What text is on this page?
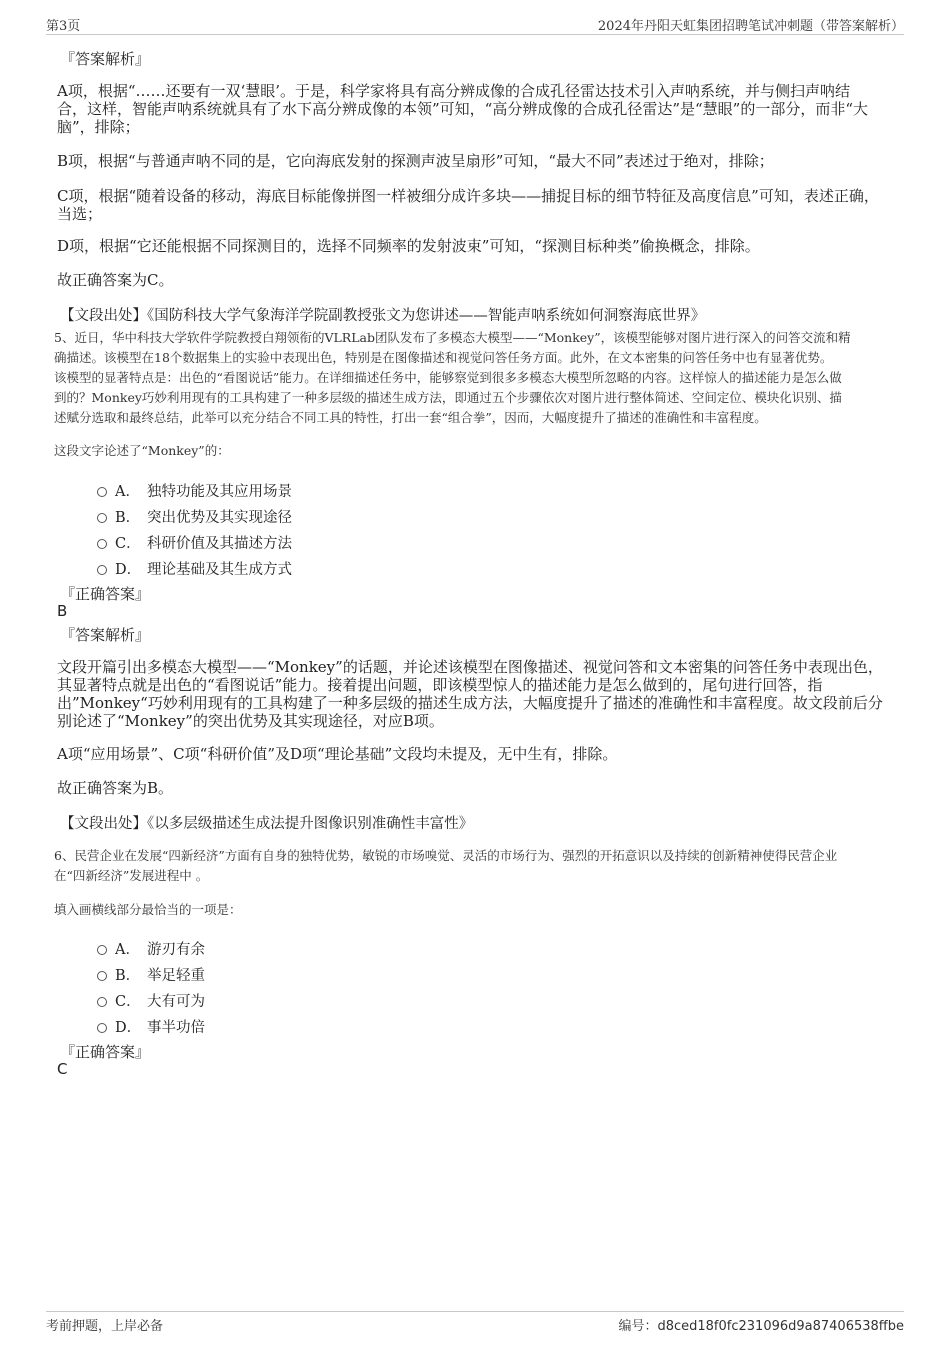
第3页	2024年丹阳天虹集团招聘笔试冲刺题（带答案解析）
『答案解析』
A项，根据“……还要有一双‘慧眼’。于是，科学家将具有高分辨成像的合成孔径雷达技术引入声呐系统，并与侧扫声呐结
合，这样，智能声呐系统就具有了水下高分辨成像的本领”可知，“高分辨成像的合成孔径雷达”是“慧眼”的一部分，而非“大
脑”，排除；
B项，根据“与普通声呐不同的是，它向海底发射的探测声波呈扇形”可知，“最大不同”表述过于绝对，排除；
C项，根据“随着设备的移动，海底目标能像拼图一样被细分成许多块——捕捉目标的细节特征及高度信息”可知，表述正确，
当选；
D项，根据“它还能根据不同探测目的，选择不同频率的发射波束”可知，“探测目标种类”偷换概念，排除。
故正确答案为C。
【文段出处】《国防科技大学气象海洋学院副教授张文为您讲述——智能声呐系统如何洞察海底世界》
5、近日，华中科技大学软件学院教授白翔领衔的VLRLab团队发布了多模态大模型——“Monkey”，该模型能够对图片进行深入的问答交流和精
确描述。该模型在18个数据集上的实验中表现出色，特别是在图像描述和视觉问答任务方面。此外，在文本密集的问答任务中也有显著优势。
该模型的显著特点是：出色的“看图说话”能力。在详细描述任务中，能够察觉到很多多模态大模型所忽略的内容。这样惊人的描述能力是怎么做
到的？Monkey巧妙利用现有的工具构建了一种多层级的描述生成方法，即通过五个步骤依次对图片进行整体简述、空间定位、模块化识别、描
述赋分选取和最终总结，此举可以充分结合不同工具的特性，打出一套“组合拳”，因而，大幅度提升了描述的准确性和丰富程度。
这段文字论述了“Monkey”的：
A． 独特功能及其应用场景
B． 突出优势及其实现途径
C． 科研价值及其描述方法
D． 理论基础及其生成方式
『正确答案』
B
『答案解析』
文段开篇引出多模态大模型——“Monkey”的话题，并论述该模型在图像描述、视觉问答和文本密集的问答任务中表现出色，
其显著特点就是出色的“看图说话”能力。接着提出问题，即该模型惊人的描述能力是怎么做到的，尾句进行回答，指
出”Monkey“巧妙利用现有的工具构建了一种多层级的描述生成方法，大幅度提升了描述的准确性和丰富程度。故文段前后分
别论述了“Monkey”的突出优势及其实现途径，对应B项。
A项“应用场景”、C项“科研价值”及D项“理论基础”文段均未提及，无中生有，排除。
故正确答案为B。
【文段出处】《以多层级描述生成法提升图像识别准确性丰富性》
6、民营企业在发展“四新经济”方面有自身的独特优势，敏锐的市场嗅觉、灵活的市场行为、强烈的开拓意识以及持续的创新精神使得民营企业
在“四新经济”发展进程中 。
填入画横线部分最恰当的一项是：
A． 游刃有余
B． 举足轻重
C． 大有可为
D． 事半功倍
『正确答案』
C
考前押题，上岸必备	编号：d8ced18f0fc231096d9a87406538ffbe
